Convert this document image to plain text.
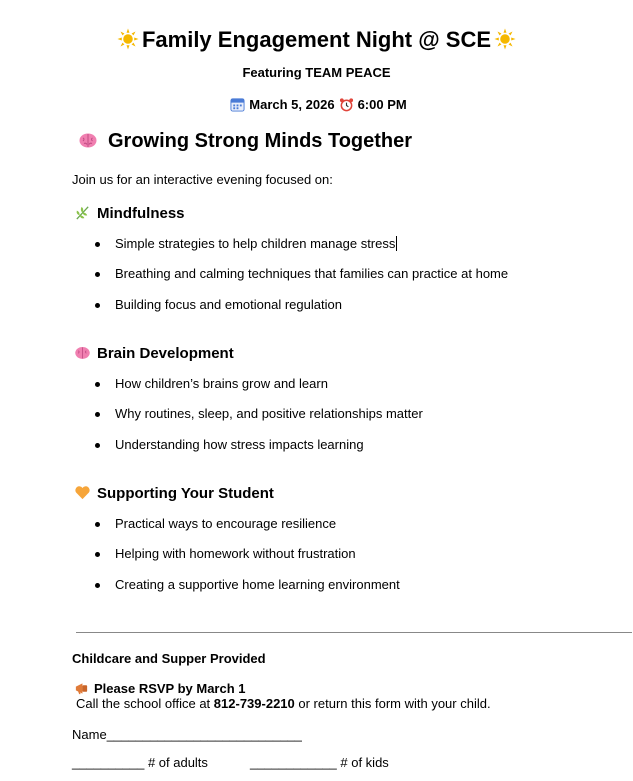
Family Engagement Night @ SCE
Featuring TEAM PEACE
March 5, 2026 6:00 PM
Growing Strong Minds Together
Join us for an interactive evening focused on:
Mindfulness
Simple strategies to help children manage stress
Breathing and calming techniques that families can practice at home
Building focus and emotional regulation
Brain Development
How children’s brains grow and learn
Why routines, sleep, and positive relationships matter
Understanding how stress impacts learning
Supporting Your Student
Practical ways to encourage resilience
Helping with homework without frustration
Creating a supportive home learning environment
Childcare and Supper Provided
Please RSVP by March 1
Call the school office at 812-739-2210 or return this form with your child.
Name___________________________
__________ # of adults	____________ # of kids
